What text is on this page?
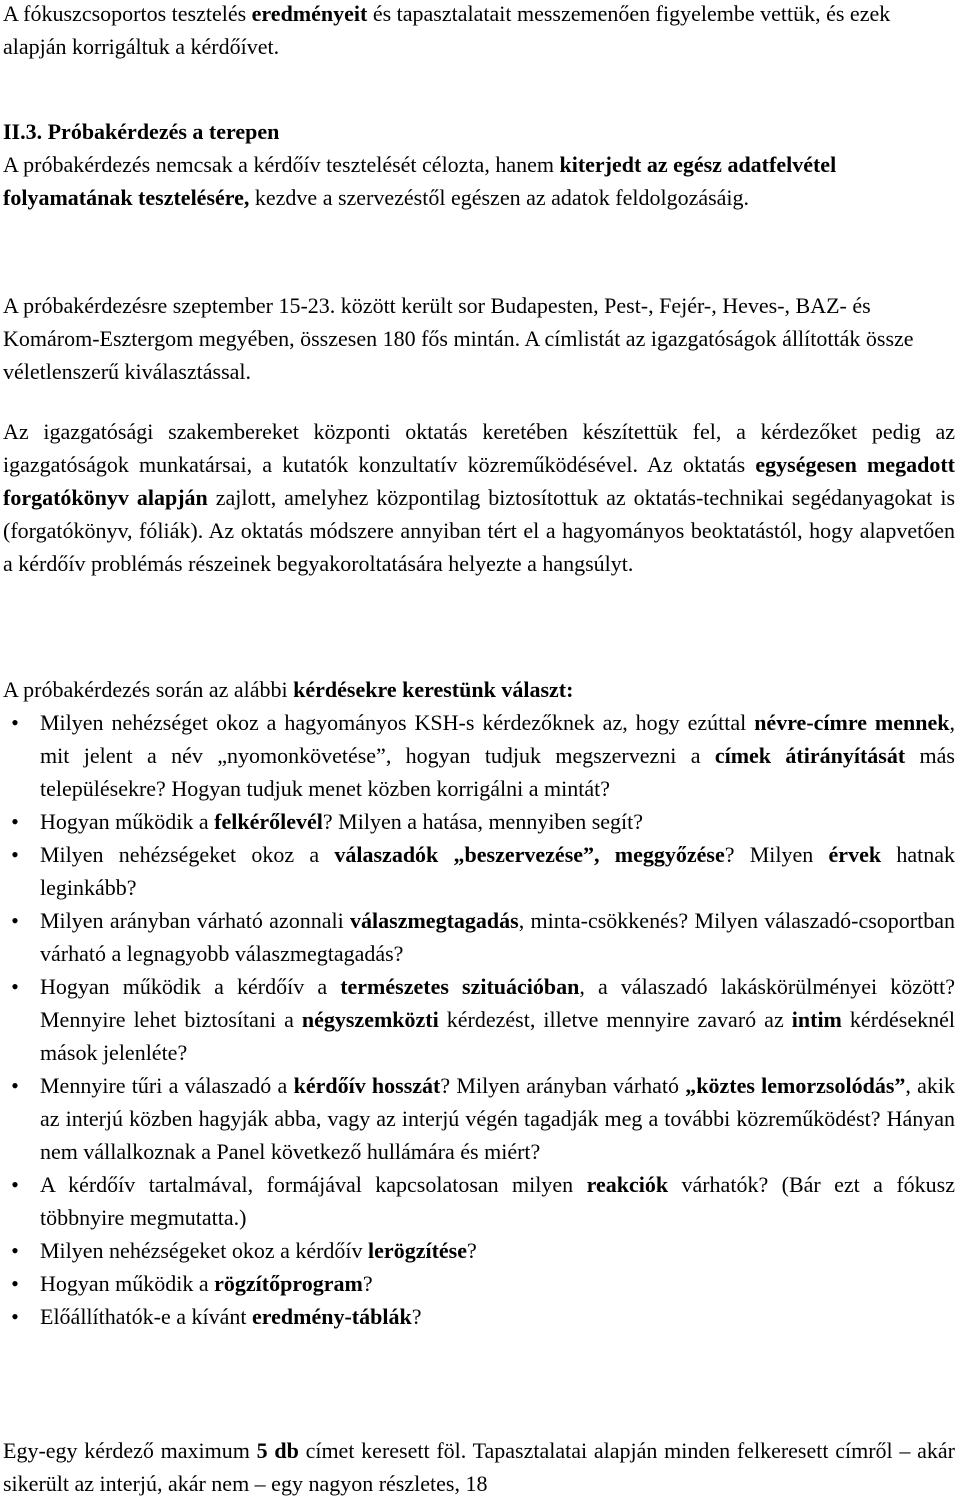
A fókuszcsoportos tesztelés eredményeit és tapasztalatait messzemenően figyelembe vettük, és ezek alapján korrigáltuk a kérdőívet.

II.3. Próbakérdezés a terepen
A próbakérdezés nemcsak a kérdőív tesztelését célozta, hanem kiterjedt az egész adatfelvétel folyamatának tesztelésére, kezdve a szervezéstől egészen az adatok feldolgozásáig.

A próbakérdezésre szeptember 15-23. között került sor Budapesten, Pest-, Fejér-, Heves-, BAZ- és Komárom-Esztergom megyében, összesen 180 fős mintán. A címlistát az igazgatóságok állították össze véletlenszerű kiválasztással.

Az igazgatósági szakembereket központi oktatás keretében készítettük fel, a kérdezőket pedig az igazgatóságok munkatársai, a kutatók konzultatív közreműködésével. Az oktatás egységesen megadott forgatókönyv alapján zajlott, amelyhez központilag biztosítottuk az oktatás-technikai segédanyagokat is (forgatókönyv, fóliák). Az oktatás módszere annyiban tért el a hagyományos beoktatástól, hogy alapvetően a kérdőív problémás részeinek begyakoroltatására helyezte a hangsúlyt.

A próbakérdezés során az alábbi kérdésekre kerestünk választ:

• Milyen nehézséget okoz a hagyományos KSH-s kérdezőknek az, hogy ezúttal névre-címre mennek, mit jelent a név „nyomonkövetése”, hogyan tudjuk megszervezni a címek átirányítását más településekre? Hogyan tudjuk menet közben korrigálni a mintát?
• Hogyan működik a felkérőlevél? Milyen a hatása, mennyiben segít?
• Milyen nehézségeket okoz a válaszadók „beszervezése”, meggyőzése? Milyen érvek hatnak leginkább?
• Milyen arányban várható azonnali válaszmegtagadás, minta-csökkenés? Milyen válaszadó-csoportban várható a legnagyobb válaszmegtagadás?
• Hogyan működik a kérdőív a természetes szituációban, a válaszadó lakáskörülményei között? Mennyire lehet biztosítani a négyszemközti kérdezést, illetve mennyire zavaró az intim kérdéseknél mások jelenléte?
• Mennyire tűri a válaszadó a kérdőív hosszát? Milyen arányban várható „köztes lemorzsolódás”, akik az interjú közben hagyják abba, vagy az interjú végén tagadják meg a további közreműködést? Hányan nem vállalkoznak a Panel következő hullámára és miért?
• A kérdőív tartalmával, formájával kapcsolatosan milyen reakciók várhatók? (Bár ezt a fókusz többnyire megmutatta.)
• Milyen nehézségeket okoz a kérdőív lerögzítése?
• Hogyan működik a rögzítőprogram?
• Előállíthatók-e a kívánt eredmény-táblák?

Egy-egy kérdező maximum 5 db címet keresett föl. Tapasztalatai alapján minden felkeresett címről – akár sikerült az interjú, akár nem – egy nagyon részletes, 18
